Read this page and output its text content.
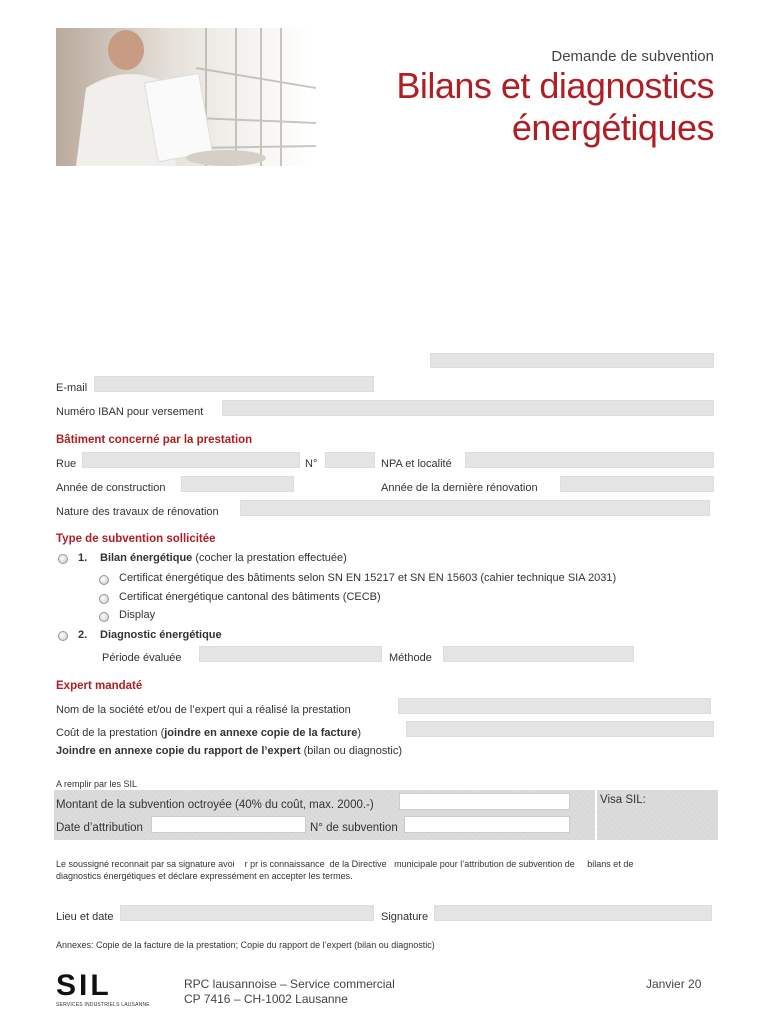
Demande de subvention
Bilans et diagnostics
énergétiques
E-mail
Numéro IBAN pour versement
Bâtiment concerné par la prestation
Rue	N°	NPA et localité
Année de construction	Année de la dernière rénovation
Nature des travaux de rénovation
Type de subvention sollicitée
1. Bilan énergétique (cocher la prestation effectuée)
Certificat énergétique des bâtiments selon SN EN 15217 et SN EN 15603 (cahier technique SIA 2031)
Certificat énergétique cantonal des bâtiments (CECB)
Display
2. Diagnostic énergétique
Période évaluée	Méthode
Expert mandaté
Nom de la société et/ou de l’expert qui a réalisé la prestation
Coût de la prestation (joindre en annexe copie de la facture)
Joindre en annexe copie du rapport de l’expert (bilan ou diagnostic)
A remplir par les SIL
Montant de la subvention octroyée (40% du coût, max. 2000.-)	Visa SIL:
Date d’attribution	N° de subvention
Le soussigné reconnait par sa signature avoi    r pr is connaissance  de la Directive   municipale pour l’attribution de subvention de     bilans et de
diagnostics énergétiques et déclare expressément en accepter les termes.
Lieu et date	Signature
Annexes: Copie de la facture de la prestation; Copie du rapport de l’expert (bilan ou diagnostic)
SIL
SERVICES INDUSTRIELS LAUSANNE
RPC lausannoise – Service commercial
CP 7416 – CH-1002 Lausanne
Janvier 20
